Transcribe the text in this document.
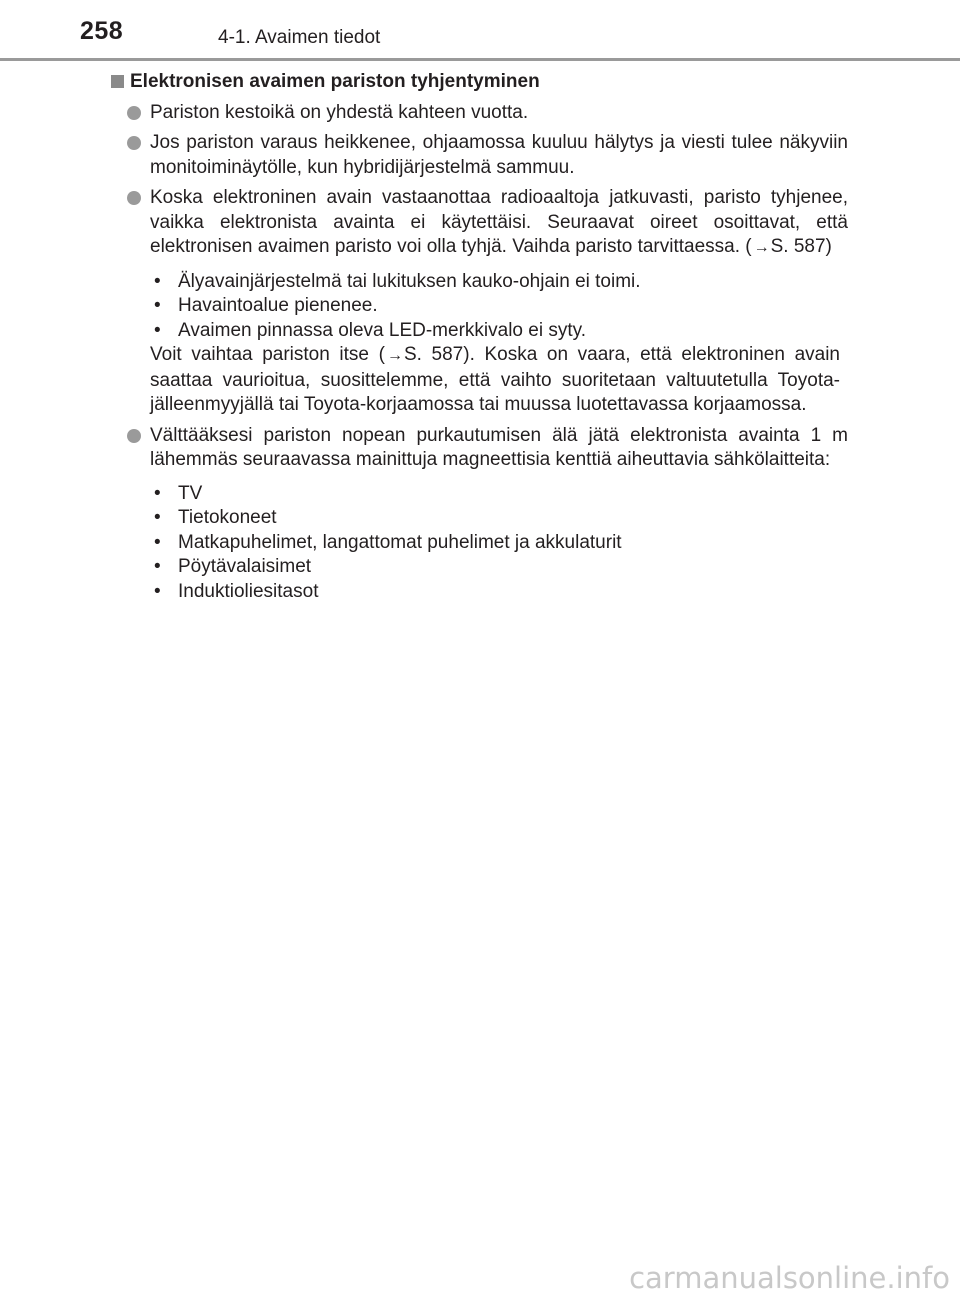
258	4-1. Avaimen tiedot
Elektronisen avaimen pariston tyhjentyminen
Pariston kestoikä on yhdestä kahteen vuotta.
Jos pariston varaus heikkenee, ohjaamossa kuuluu hälytys ja viesti tulee näkyviin monitoiminäytölle, kun hybridijärjestelmä sammuu.
Koska elektroninen avain vastaanottaa radioaaltoja jatkuvasti, paristo tyhjenee, vaikka elektronista avainta ei käytettäisi. Seuraavat oireet osoittavat, että elektronisen avaimen paristo voi olla tyhjä. Vaihda paristo tarvittaessa. ( →S. 587)
• Älyavainjärjestelmä tai lukituksen kauko-ohjain ei toimi.
• Havaintoalue pienenee.
• Avaimen pinnassa oleva LED-merkkivalo ei syty.
Voit vaihtaa pariston itse ( →S. 587). Koska on vaara, että elektroninen avain saattaa vaurioitua, suosittelemme, että vaihto suoritetaan valtuutetulla Toyota-jälleenmyyjällä tai Toyota-korjaamossa tai muussa luotettavassa korjaamossa.
Välttääksesi pariston nopean purkautumisen älä jätä elektronista avainta 1 m lähemmäs seuraavassa mainittuja magneettisia kenttiä aiheuttavia sähkölaitteita:
• TV
• Tietokoneet
• Matkapuhelimet, langattomat puhelimet ja akkulaturit
• Pöytävalaisimet
• Induktioliesitasot
carmanualsonline.info
